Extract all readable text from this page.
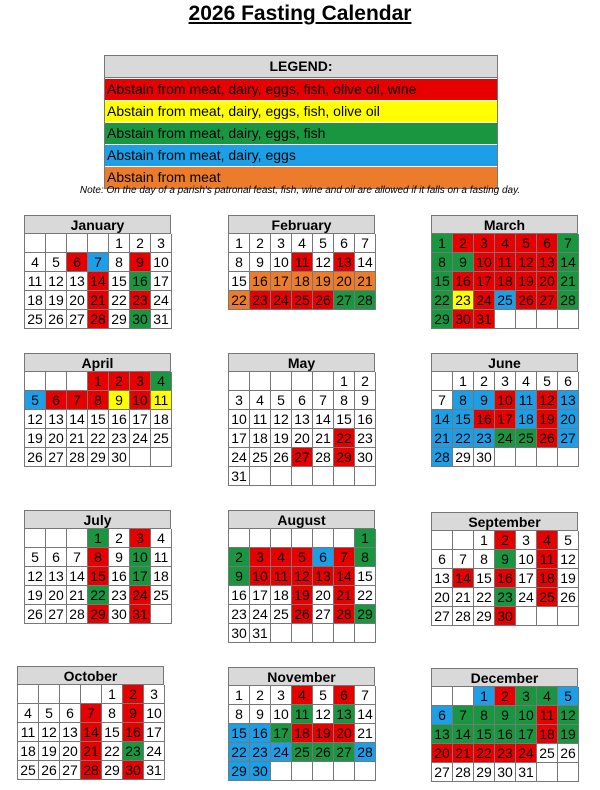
2026 Fasting Calendar
LEGEND:
Abstain from meat, dairy, eggs, fish, olive oil, wine
Abstain from meat, dairy, eggs, fish, olive oil
Abstain from meat, dairy, eggs, fish
Abstain from meat, dairy, eggs
Abstain from meat
Note: On the day of a parish's patronal feast, fish, wine and oil are allowed if it falls on a fasting day.
January
1 2 3
4 5 6 7 8 9 10
11 12 13 14 15 16 17
18 19 20 21 22 23 24
25 26 27 28 29 30 31
February
1 2 3 4 5 6 7
8 9 10 11 12 13 14
15 16 17 18 19 20 21
22 23 24 25 26 27 28
March
1 2 3 4 5 6 7
8 9 10 11 12 13 14
15 16 17 18 19 20 21
22 23 24 25 26 27 28
29 30 31
April
1 2 3 4
5 6 7 8 9 10 11
12 13 14 15 16 17 18
19 20 21 22 23 24 25
26 27 28 29 30
May
1 2
3 4 5 6 7 8 9
10 11 12 13 14 15 16
17 18 19 20 21 22 23
24 25 26 27 28 29 30
31
June
1 2 3 4 5 6
7 8 9 10 11 12 13
14 15 16 17 18 19 20
21 22 23 24 25 26 27
28 29 30
July
1 2 3 4
5 6 7 8 9 10 11
12 13 14 15 16 17 18
19 20 21 22 23 24 25
26 27 28 29 30 31
August
1
2 3 4 5 6 7 8
9 10 11 12 13 14 15
16 17 18 19 20 21 22
23 24 25 26 27 28 29
30 31
September
1 2 3 4 5
6 7 8 9 10 11 12
13 14 15 16 17 18 19
20 21 22 23 24 25 26
27 28 29 30
October
1 2 3
4 5 6 7 8 9 10
11 12 13 14 15 16 17
18 19 20 21 22 23 24
25 26 27 28 29 30 31
November
1 2 3 4 5 6 7
8 9 10 11 12 13 14
15 16 17 18 19 20 21
22 23 24 25 26 27 28
29 30
December
1 2 3 4 5
6 7 8 9 10 11 12
13 14 15 16 17 18 19
20 21 22 23 24 25 26
27 28 29 30 31
